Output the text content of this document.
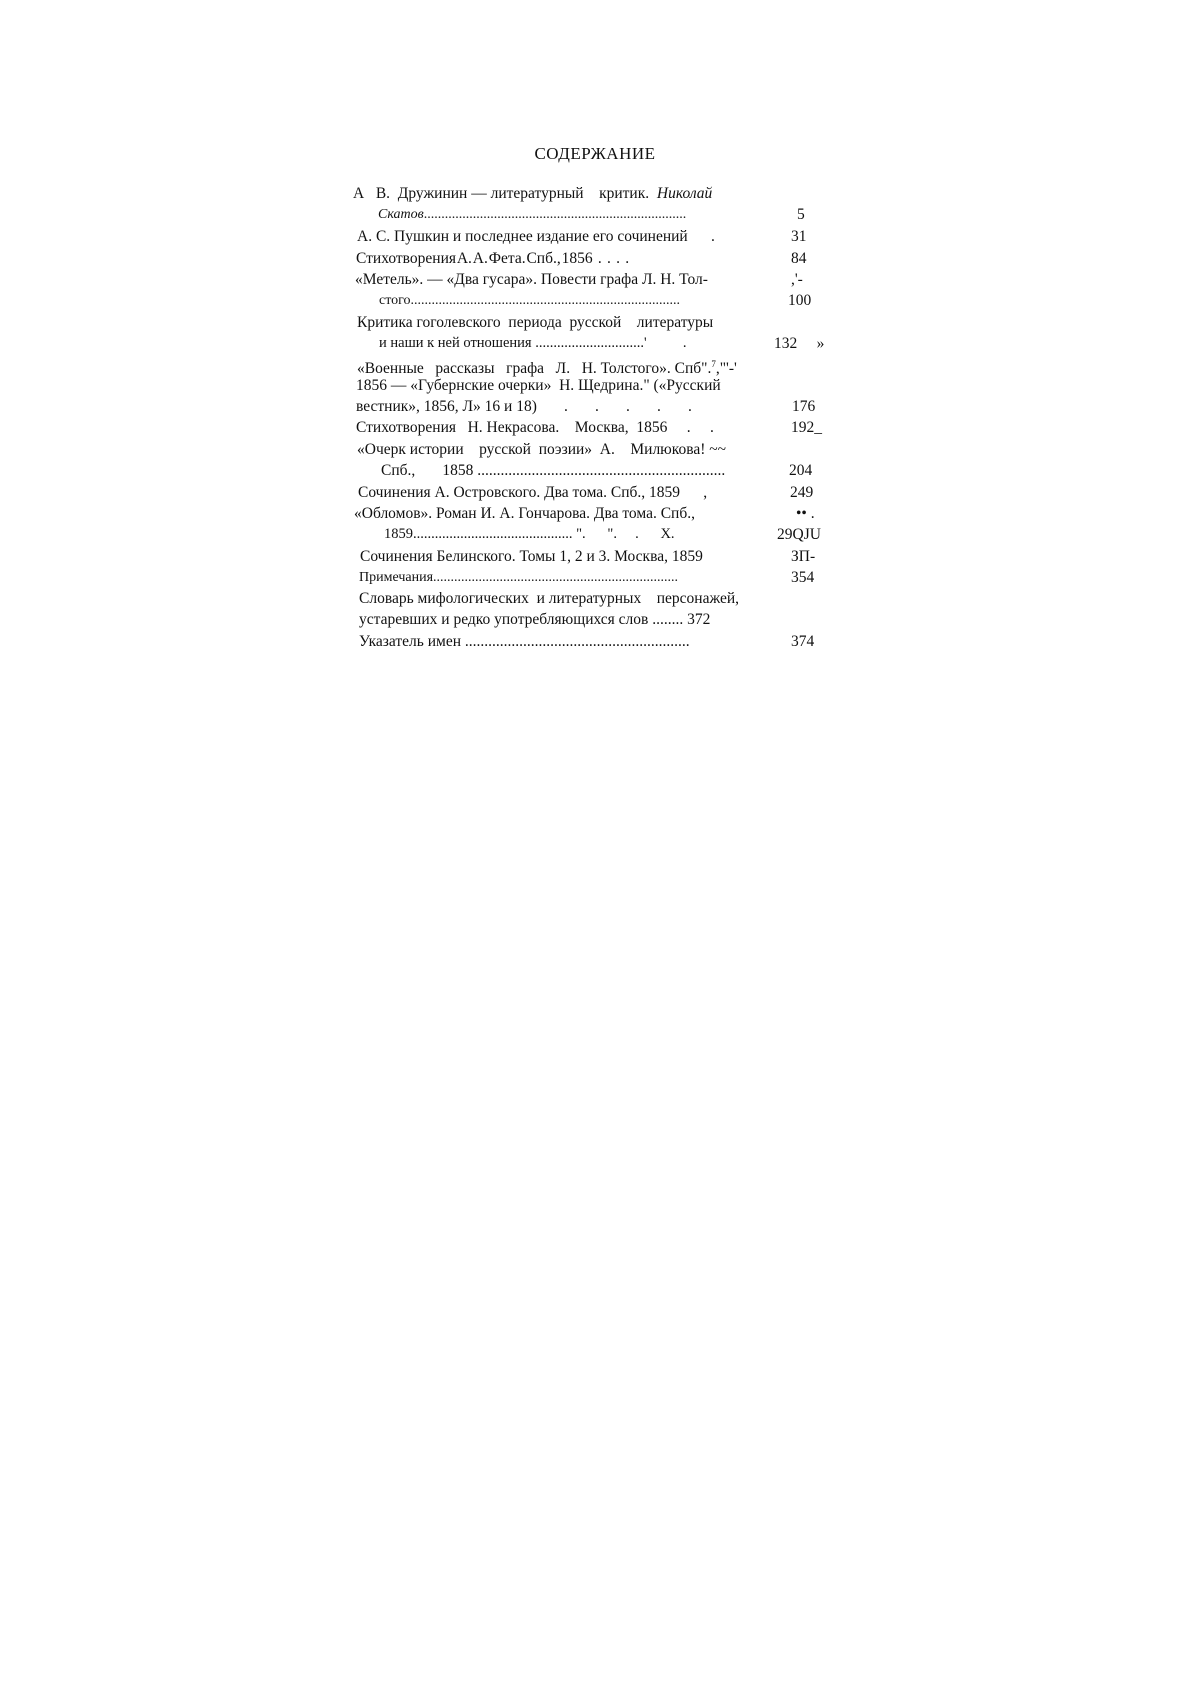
СОДЕРЖАНИЕ
А   В.  Дружинин — литературный    критик.  Николай
Скатов...........................................................................	5
А. С. Пушкин и последнее издание его сочинений      .	31
Стихотворения А. А. Фета. Спб., 1856      .      .      .      .	84
«Метель». — «Два гусара». Повести графа Л. Н. Тол-	,'-
стого.............................................................................	100
Критика гоголевского  периода  русской    литературы
и наши к ней отношения ..............................'          .	132     »
«Военные   рассказы   графа   Л.   Н. Толстого». Спб".$^7$,"'-'
1856 — «Губернские очерки»  Н. Щедрина." («Русский
вестник», 1856, Л» 16 и 18)       .       .       .       .       .	176
Стихотворения   Н. Некрасова.    Москва,  1856     .     .	192_
«Очерк истории    русской  поэзии»  А.    Милюкова! ~~
Спб.,       1858 ................................................................	204
Сочинения А. Островского. Два тома. Спб., 1859      ,	249
«Обломов». Роман И. А. Гончарова. Два тома. Спб.,	•• .
1859............................................ ".      ".     .      X.	29QJU
Сочинения Белинского. Томы 1, 2 и 3. Москва, 1859	ЗП-
Примечания......................................................................	354
Словарь мифологических  и литературных    персонажей,
устаревших и редко употребляющихся слов ........ 372
Указатель имен ..........................................................	374
